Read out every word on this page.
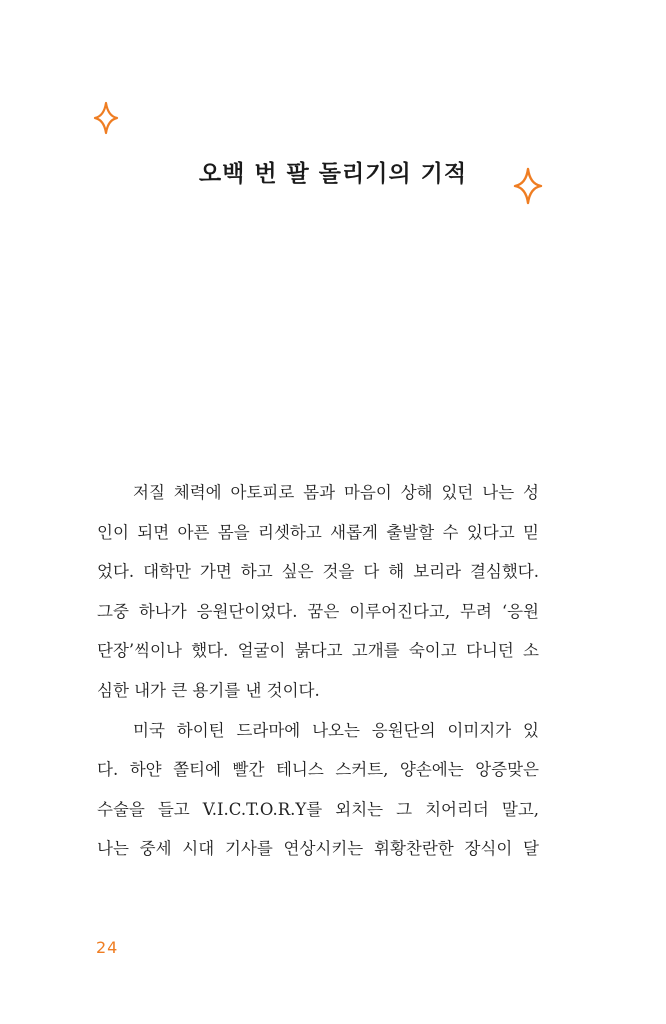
오백 번 팔 돌리기의 기적
저질 체력에 아토피로 몸과 마음이 상해 있던 나는 성
인이 되면 아픈 몸을 리셋하고 새롭게 출발할 수 있다고 믿
었다. 대학만 가면 하고 싶은 것을 다 해 보리라 결심했다.
그중 하나가 응원단이었다. 꿈은 이루어진다고, 무려 ‘응원
단장’씩이나 했다. 얼굴이 붉다고 고개를 숙이고 다니던 소
심한 내가 큰 용기를 낸 것이다.
미국 하이틴 드라마에 나오는 응원단의 이미지가 있
다. 하얀 쫄티에 빨간 테니스 스커트, 양손에는 앙증맞은
수술을 들고 V.I.C.T.O.R.Y를 외치는 그 치어리더 말고,
나는 중세 시대 기사를 연상시키는 휘황찬란한 장식이 달
24
